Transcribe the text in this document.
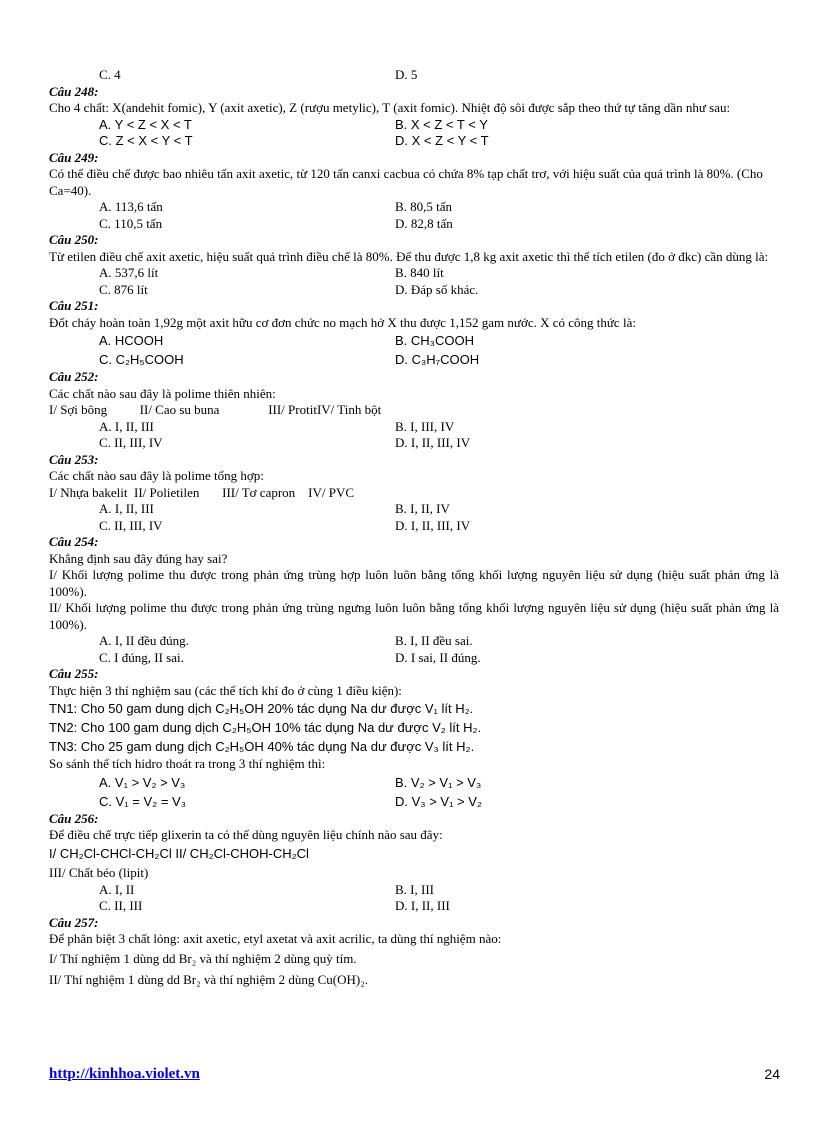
C. 4	D. 5
Câu 248:
Cho 4 chất: X(andehit fomic), Y (axit axetic), Z (rượu metylic), T (axit fomic). Nhiệt độ sôi được sắp theo thứ tự tăng dần như sau:
A. Y < Z < X < T	B. X < Z < T < Y
C. Z < X < Y < T	D. X < Z < Y < T
Câu 249:
Có thể điều chế được bao nhiêu tấn axit axetic, từ 120 tấn canxi cacbua có chứa 8% tạp chất trơ, với hiệu suất của quá trình là 80%. (Cho Ca=40).
A. 113,6 tấn	B. 80,5 tấn
C. 110,5 tấn	D. 82,8 tấn
Câu 250:
Từ etilen điều chế axit axetic, hiệu suất quá trình điều chế là 80%. Để thu được 1,8 kg axit axetic thì thể tích etilen (đo ở đkc) cần dùng là:
A. 537,6 lít	B. 840 lít
C. 876 lít	D. Đáp số khác.
Câu 251:
Đốt cháy hoàn toàn 1,92g một axit hữu cơ đơn chức no mạch hở X thu được 1,152 gam nước. X có công thức là:
A. HCOOH	B. CH₃COOH
C. C₂H₅COOH	D. C₃H₇COOH
Câu 252:
Các chất nào sau đây là polime thiên nhiên:
I/ Sợi bông          II/ Cao su buna               III/ ProtitIV/ Tinh bột
A. I, II, III	B. I, III, IV
C. II, III, IV	D. I, II, III, IV
Câu 253:
Các chất nào sau đây là polime tổng hợp:
I/ Nhựa bakelit  II/ Polietilen       III/ Tơ capron    IV/ PVC
A. I, II, III	B. I, II, IV
C. II, III, IV	D. I, II, III, IV
Câu 254:
Khẳng định sau đây đúng hay sai?
I/ Khối lượng polime thu được trong phản ứng trùng hợp luôn luôn bằng tổng khối lượng nguyên liệu sử dụng (hiệu suất phản ứng là 100%).
II/ Khối lượng polime thu được trong phản ứng trùng ngưng luôn luôn bằng tổng khối lượng nguyên liệu sử dụng (hiệu suất phản ứng là 100%).
A. I, II đều đúng.	B. I, II đều sai.
C. I đúng, II sai.	D. I sai, II đúng.
Câu 255:
Thực hiện 3 thí nghiệm sau (các thể tích khí đo ở cùng 1 điều kiện):
TN1: Cho 50 gam dung dịch C₂H₅OH 20% tác dụng Na dư được V₁ lít H₂.
TN2: Cho 100 gam dung dịch C₂H₅OH 10% tác dụng Na dư được V₂ lít H₂.
TN3: Cho 25 gam dung dịch C₂H₅OH 40% tác dụng Na dư được V₃ lít H₂.
So sánh thể tích hidro thoát ra trong 3 thí nghiệm thì:
A. V₁ > V₂ > V₃	B. V₂ > V₁ > V₃
C. V₁ = V₂ = V₃	D. V₃ > V₁ > V₂
Câu 256:
Để điều chế trực tiếp glixerin ta có thể dùng nguyên liệu chính nào sau đây:
I/ CH₂Cl-CHCl-CH₂Cl II/ CH₂Cl-CHOH-CH₂Cl
III/ Chất béo (lipit)
A. I, II	B. I, III
C. II, III	D. I, II, III
Câu 257:
Để phân biệt 3 chất lỏng: axit axetic, etyl axetat và axit acrilic, ta dùng thí nghiệm nào:
I/ Thí nghiệm 1 dùng dd Br₂ và thí nghiệm 2 dùng quỳ tím.
II/ Thí nghiệm 1 dùng dd Br₂ và thí nghiệm 2 dùng Cu(OH)₂.
http://kinhhoa.violet.vn	24
